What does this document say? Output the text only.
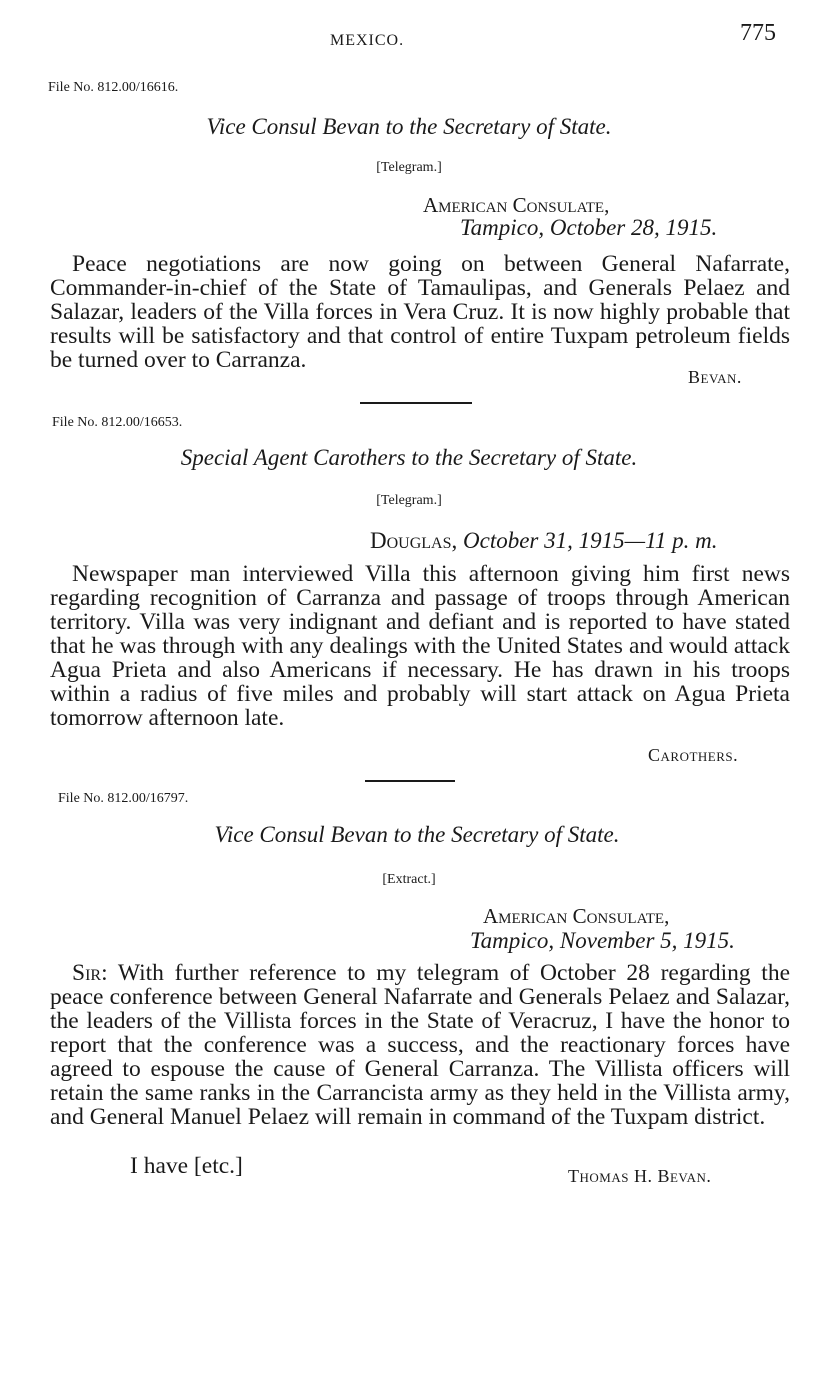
MEXICO.	775
File No. 812.00/16616.
Vice Consul Bevan to the Secretary of State.
[Telegram.]
American Consulate,
Tampico, October 28, 1915.
Peace negotiations are now going on between General Nafarrate, Commander-in-chief of the State of Tamaulipas, and Generals Pelaez and Salazar, leaders of the Villa forces in Vera Cruz. It is now highly probable that results will be satisfactory and that control of entire Tuxpam petroleum fields be turned over to Carranza.
Bevan.
File No. 812.00/16653.
Special Agent Carothers to the Secretary of State.
[Telegram.]
Douglas, October 31, 1915—11 p. m.
Newspaper man interviewed Villa this afternoon giving him first news regarding recognition of Carranza and passage of troops through American territory. Villa was very indignant and defiant and is reported to have stated that he was through with any dealings with the United States and would attack Agua Prieta and also Americans if necessary. He has drawn in his troops within a radius of five miles and probably will start attack on Agua Prieta tomorrow afternoon late.
Carothers.
File No. 812.00/16797.
Vice Consul Bevan to the Secretary of State.
[Extract.]
American Consulate,
Tampico, November 5, 1915.
Sir: With further reference to my telegram of October 28 regarding the peace conference between General Nafarrate and Generals Pelaez and Salazar, the leaders of the Villista forces in the State of Veracruz, I have the honor to report that the conference was a success, and the reactionary forces have agreed to espouse the cause of General Carranza. The Villista officers will retain the same ranks in the Carrancista army as they held in the Villista army, and General Manuel Pelaez will remain in command of the Tuxpam district.
I have [etc.]	Thomas H. Bevan.
